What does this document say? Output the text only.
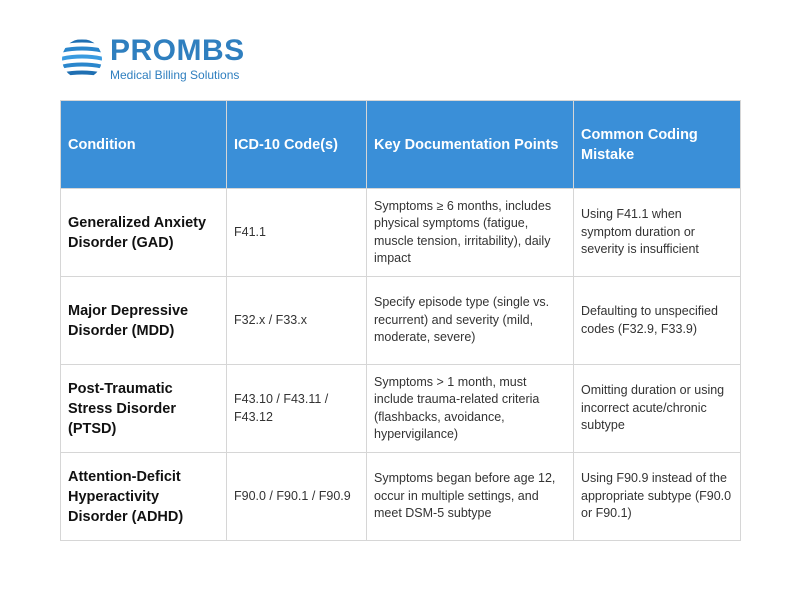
PROMBS
Medical Billing Solutions
Condition	ICD-10 Code(s)	Key Documentation Points	Common Coding Mistake
Generalized Anxiety Disorder (GAD)	F41.1	Symptoms ≥ 6 months, includes physical symptoms (fatigue, muscle tension, irritability), daily impact	Using F41.1 when symptom duration or severity is insufficient
Major Depressive Disorder (MDD)	F32.x / F33.x	Specify episode type (single vs. recurrent) and severity (mild, moderate, severe)	Defaulting to unspecified codes (F32.9, F33.9)
Post-Traumatic Stress Disorder (PTSD)	F43.10 / F43.11 / F43.12	Symptoms > 1 month, must include trauma-related criteria (flashbacks, avoidance, hypervigilance)	Omitting duration or using incorrect acute/chronic subtype
Attention-Deficit Hyperactivity Disorder (ADHD)	F90.0 / F90.1 / F90.9	Symptoms began before age 12, occur in multiple settings, and meet DSM-5 subtype	Using F90.9 instead of the appropriate subtype (F90.0 or F90.1)
